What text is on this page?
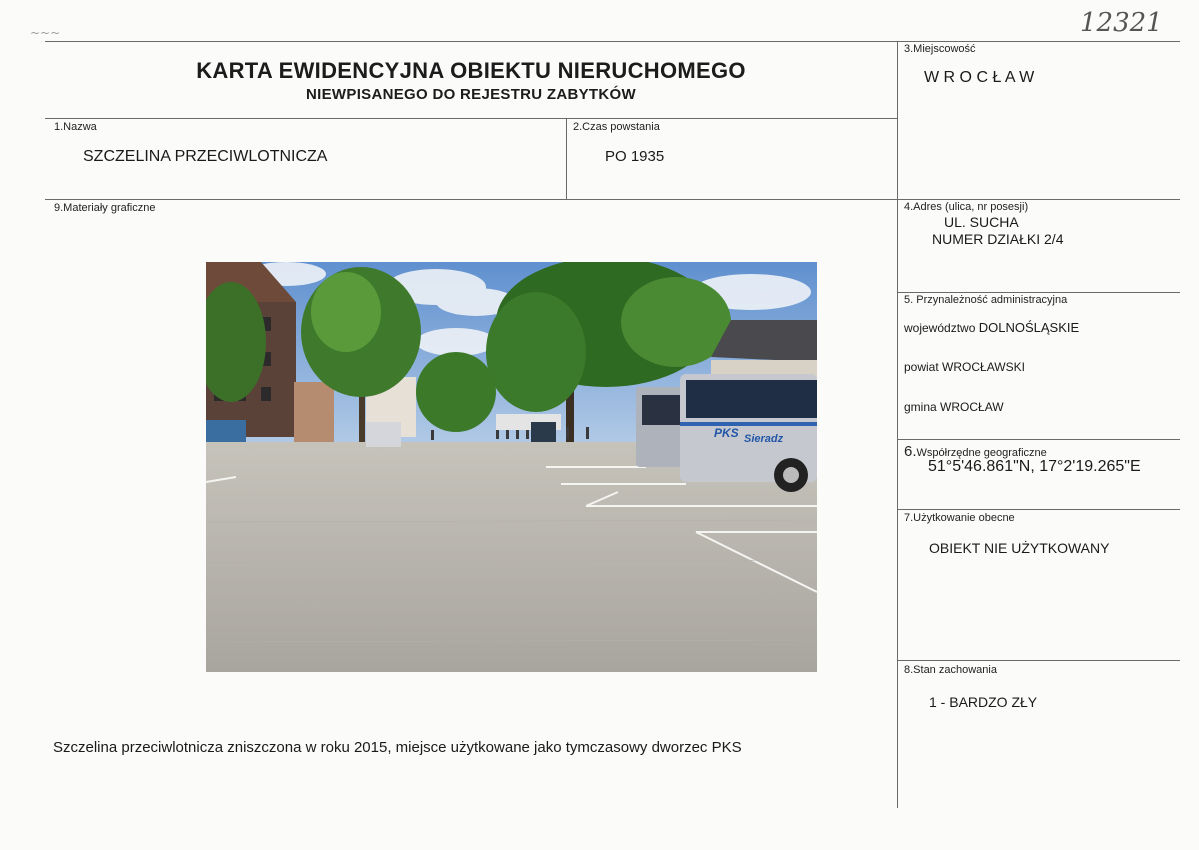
~~~	12321
KARTA EWIDENCYJNA OBIEKTU NIERUCHOMEGO
NIEWPISANEGO DO REJESTRU ZABYTKÓW
3.Miejscowość
W R O C Ł A W
1.Nazwa
SZCZELINA PRZECIWLOTNICZA
2.Czas powstania
PO 1935
9.Materiały graficzne	4.Adres (ulica, nr posesji)
UL. SUCHA
NUMER DZIAŁKI 2/4
5. Przynależność administracyjna
województwo DOLNOŚLĄSKIE
powiat WROCŁAWSKI
gmina WROCŁAW
6.Współrzędne geograficzne
51°5'46.861"N, 17°2'19.265"E
7.Użytkowanie obecne
OBIEKT NIE UŻYTKOWANY
8.Stan zachowania
1 - BARDZO ZŁY
PKS Sieradz
Szczelina przeciwlotnicza zniszczona w roku 2015, miejsce użytkowane jako tymczasowy dworzec PKS
